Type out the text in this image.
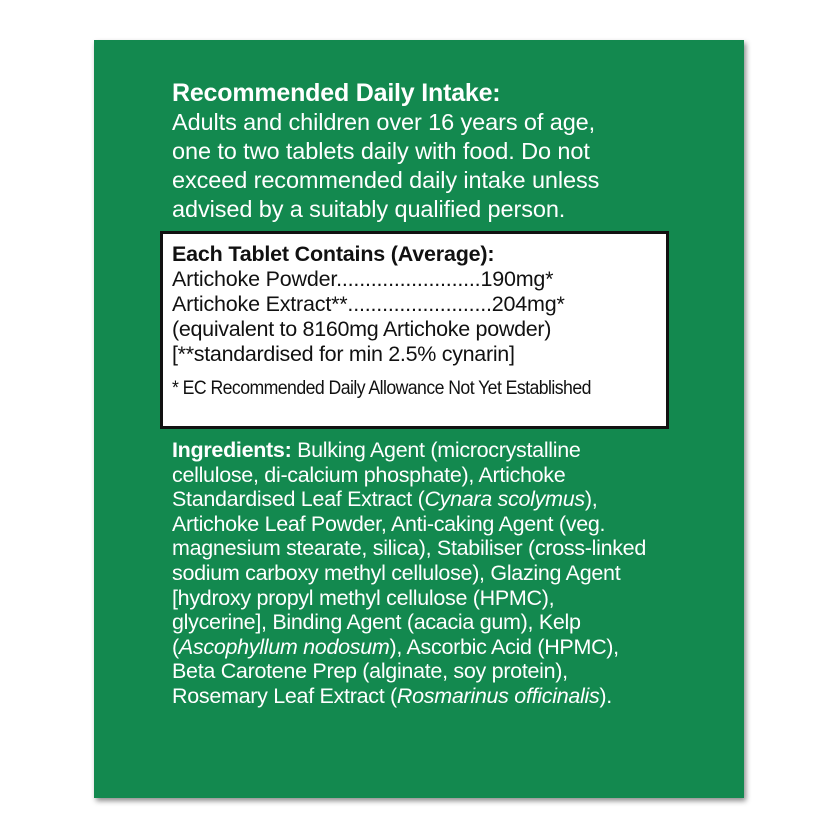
Recommended Daily Intake:

Adults and children over 16 years of age,
one to two tablets daily with food. Do not
exceed recommended daily intake unless
advised by a suitably qualified person.

Each Tablet Contains (Average):
Artichoke Powder.........................190mg*
Artichoke Extract**.........................204mg*
(equivalent to 8160mg Artichoke powder)
[**standardised for min 2.5% cynarin]
* EC Recommended Daily Allowance Not Yet Established

Ingredients: Bulking Agent (microcrystalline
cellulose, di-calcium phosphate), Artichoke
Standardised Leaf Extract (Cynara scolymus),
Artichoke Leaf Powder, Anti-caking Agent (veg.
magnesium stearate, silica), Stabiliser (cross-linked
sodium carboxy methyl cellulose), Glazing Agent
[hydroxy propyl methyl cellulose (HPMC),
glycerine], Binding Agent (acacia gum), Kelp
(Ascophyllum nodosum), Ascorbic Acid (HPMC),
Beta Carotene Prep (alginate, soy protein),
Rosemary Leaf Extract (Rosmarinus officinalis).
